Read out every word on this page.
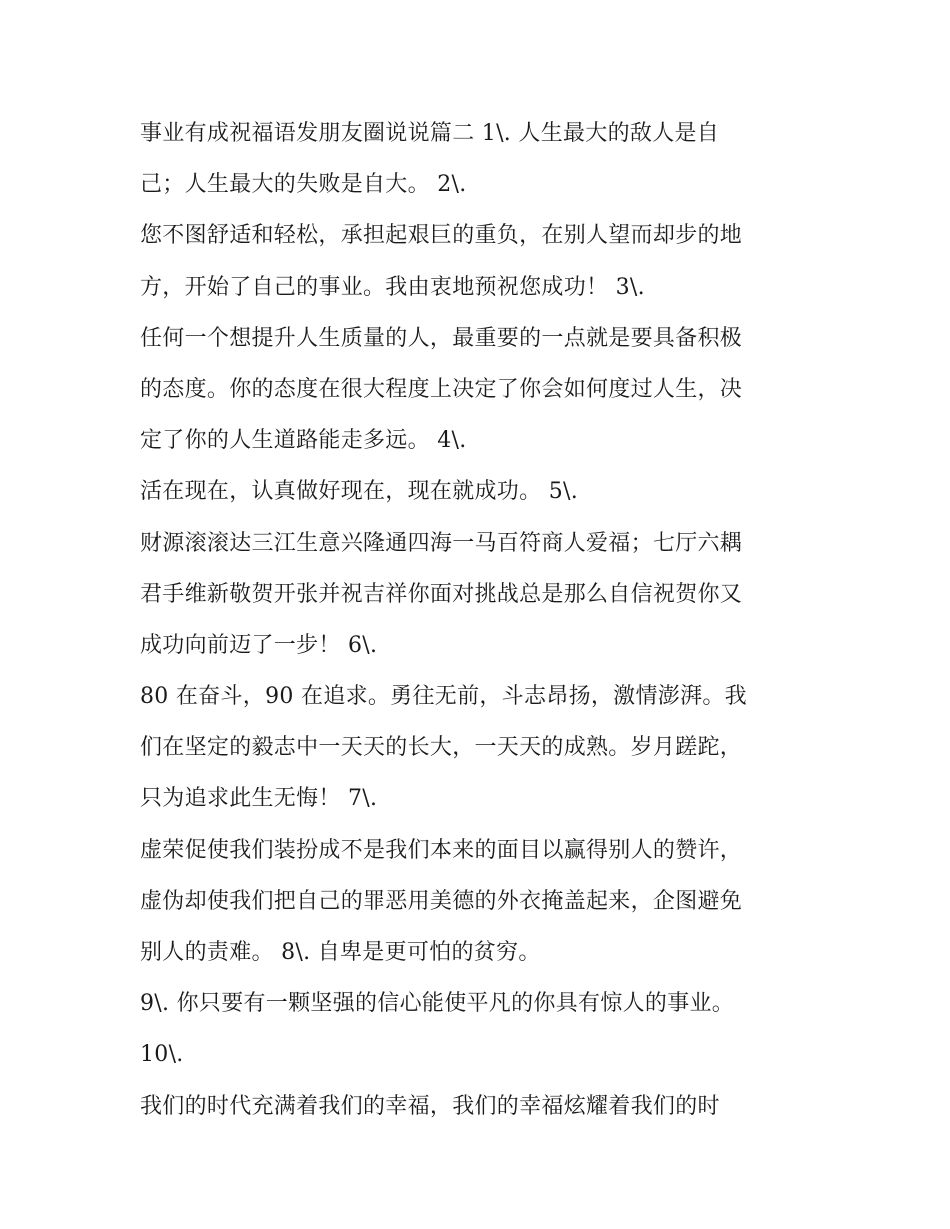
事业有成祝福语发朋友圈说说篇二 1\. 人生最大的敌人是自
己；人生最大的失败是自大。 2\.
您不图舒适和轻松，承担起艰巨的重负，在别人望而却步的地
方，开始了自己的事业。我由衷地预祝您成功！ 3\.
任何一个想提升人生质量的人，最重要的一点就是要具备积极
的态度。你的态度在很大程度上决定了你会如何度过人生，决
定了你的人生道路能走多远。 4\.
活在现在，认真做好现在，现在就成功。 5\.
财源滚滚达三江生意兴隆通四海一马百符商人爱福；七厅六耦
君手维新敬贺开张并祝吉祥你面对挑战总是那么自信祝贺你又
成功向前迈了一步！ 6\.
80 在奋斗，90 在追求。勇往无前，斗志昂扬，激情澎湃。我
们在坚定的毅志中一天天的长大，一天天的成熟。岁月蹉跎，
只为追求此生无悔！ 7\.
虚荣促使我们装扮成不是我们本来的面目以赢得别人的赞许，
虚伪却使我们把自己的罪恶用美德的外衣掩盖起来，企图避免
别人的责难。 8\. 自卑是更可怕的贫穷。
9\. 你只要有一颗坚强的信心能使平凡的你具有惊人的事业。
10\.
我们的时代充满着我们的幸福，我们的幸福炫耀着我们的时
